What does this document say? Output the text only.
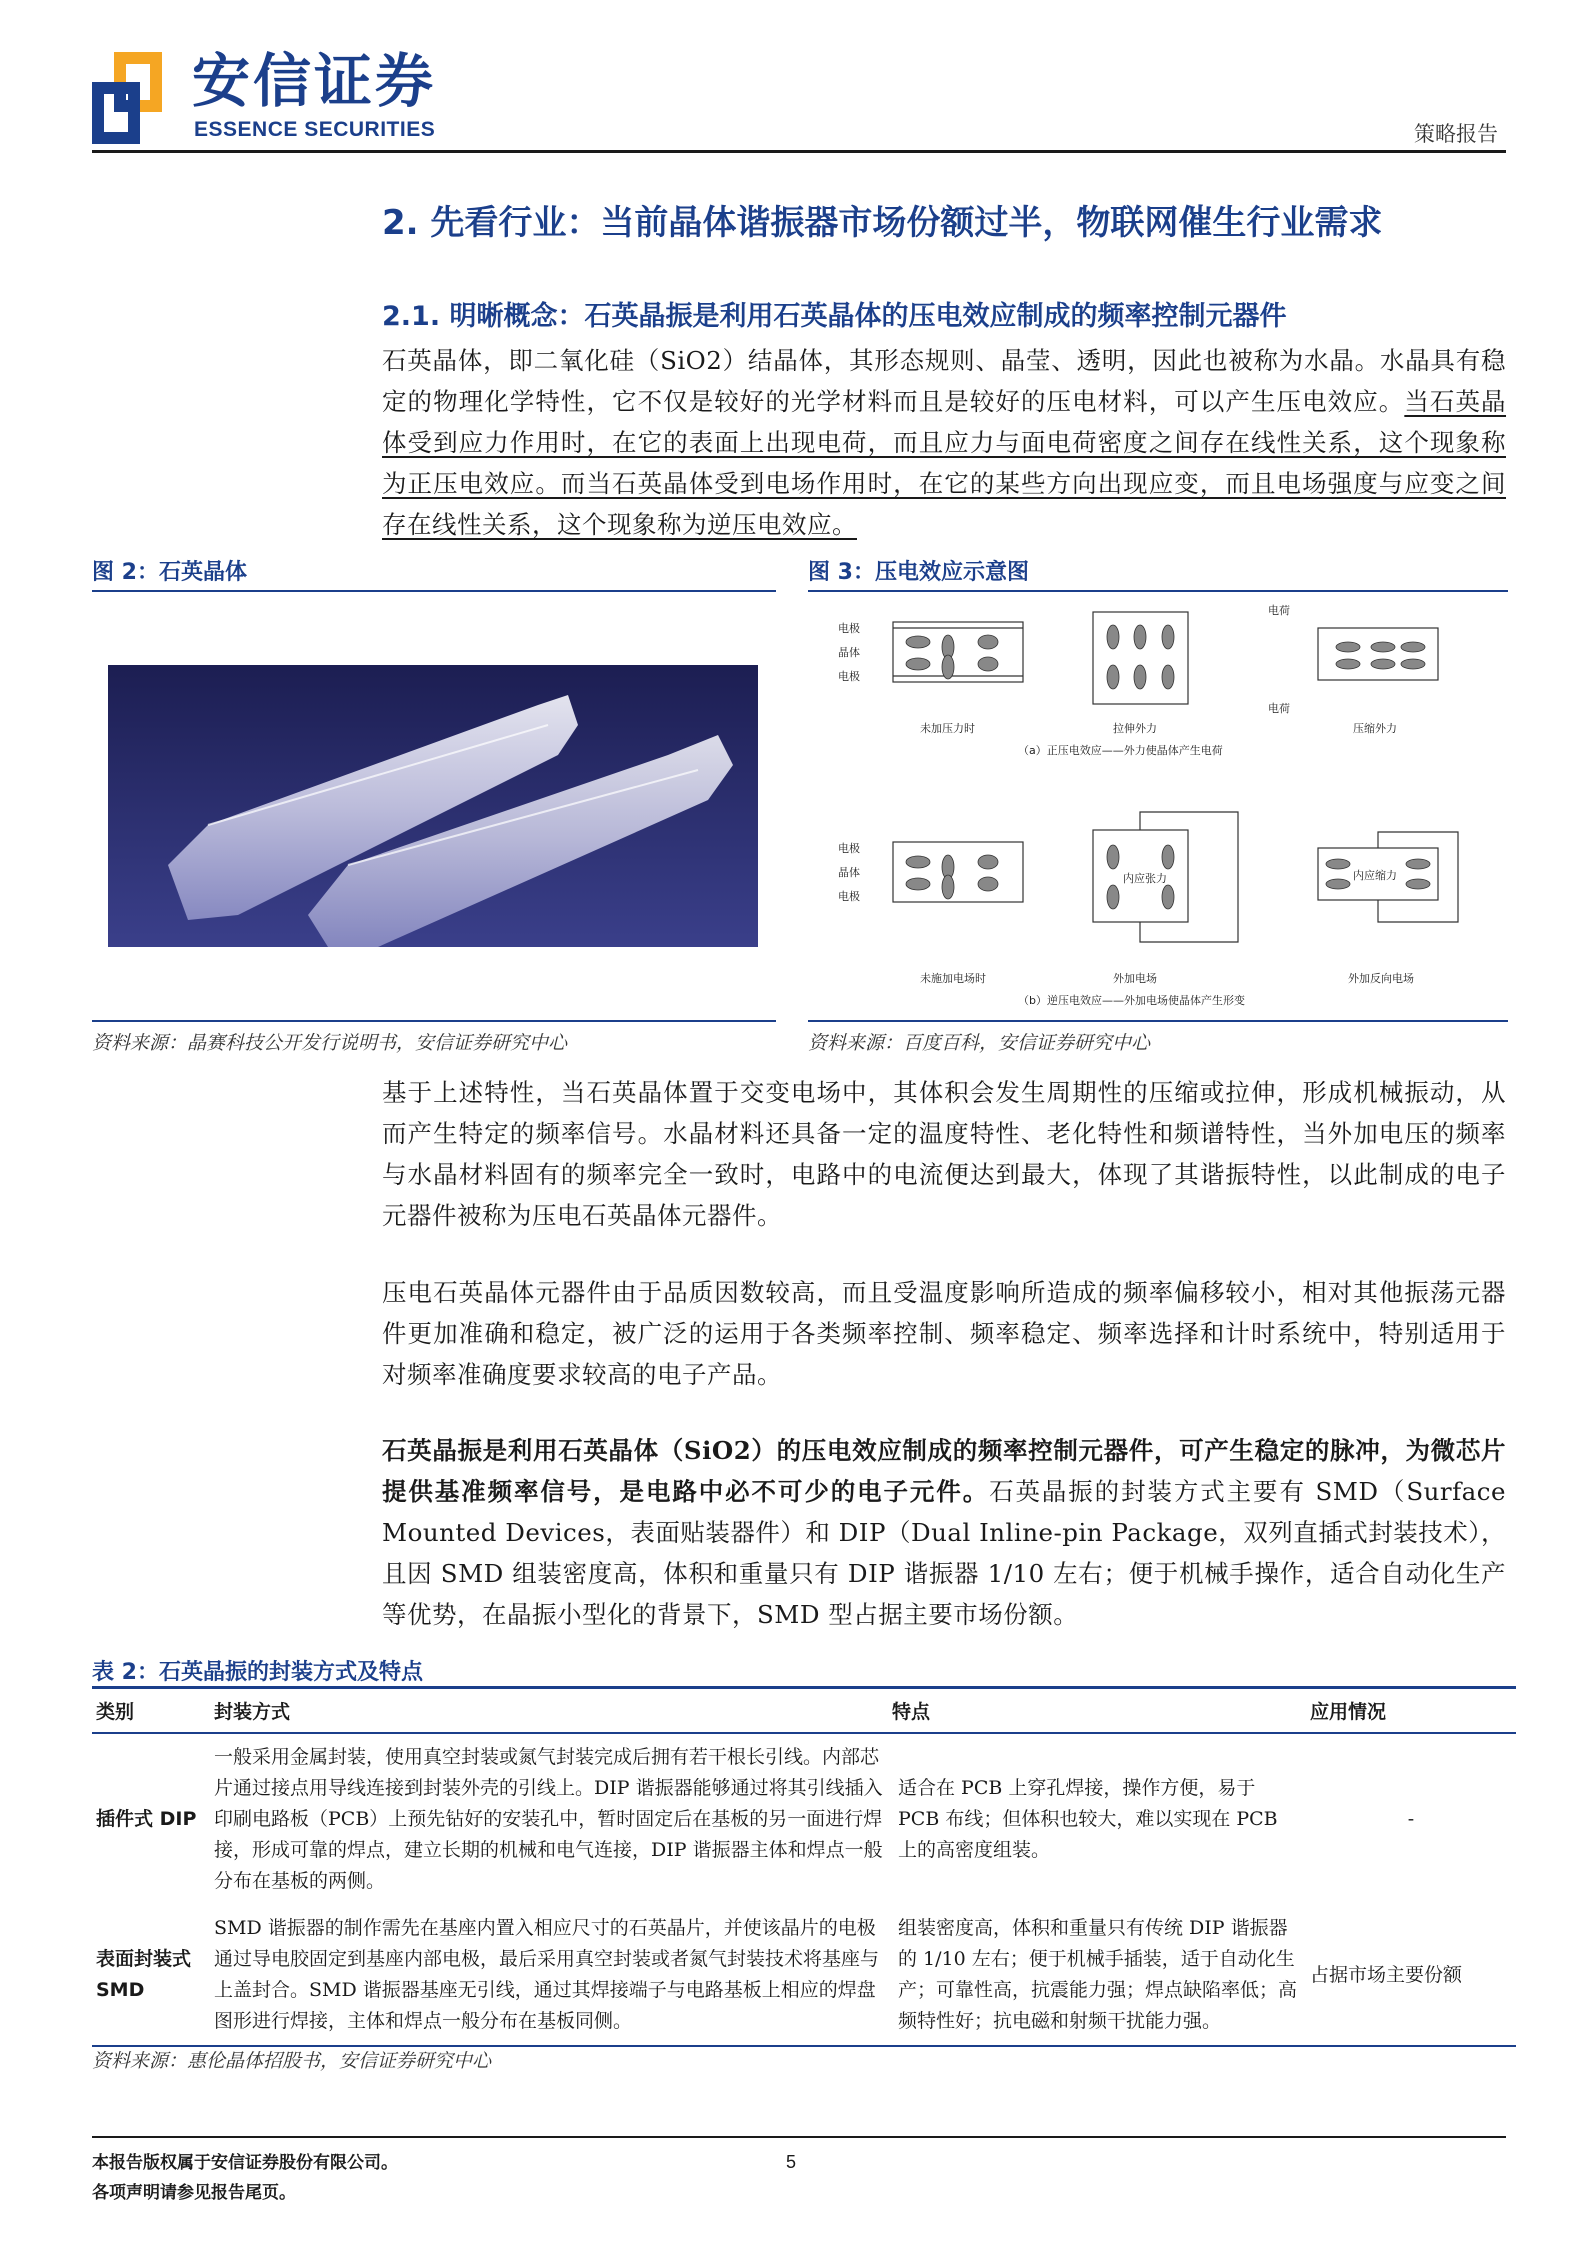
安信证券
ESSENCE SECURITIES	策略报告
2. 先看行业：当前晶体谐振器市场份额过半，物联网催生行业需求
2.1. 明晰概念：石英晶振是利用石英晶体的压电效应制成的频率控制元器件
石英晶体，即二氧化硅（SiO2）结晶体，其形态规则、晶莹、透明，因此也被称为水晶。水晶具有稳定的物理化学特性，它不仅是较好的光学材料而且是较好的压电材料，可以产生压电效应。当石英晶体受到应力作用时，在它的表面上出现电荷，而且应力与面电荷密度之间存在线性关系，这个现象称为正压电效应。而当石英晶体受到电场作用时，在它的某些方向出现应变，而且电场强度与应变之间存在线性关系，这个现象称为逆压电效应。
图 2：石英晶体
资料来源：晶赛科技公开发行说明书，安信证券研究中心
图 3：压电效应示意图
电极
晶体
电极
电荷
电荷
未加压力时	拉伸外力	压缩外力
（a）正压电效应——外力使晶体产生电荷
电极
晶体
电极
内应张力	内应缩力
未施加电场时	外加电场	外加反向电场
（b）逆压电效应——外加电场使晶体产生形变
资料来源：百度百科，安信证券研究中心
基于上述特性，当石英晶体置于交变电场中，其体积会发生周期性的压缩或拉伸，形成机械振动，从而产生特定的频率信号。水晶材料还具备一定的温度特性、老化特性和频谱特性，当外加电压的频率与水晶材料固有的频率完全一致时，电路中的电流便达到最大，体现了其谐振特性，以此制成的电子元器件被称为压电石英晶体元器件。
压电石英晶体元器件由于品质因数较高，而且受温度影响所造成的频率偏移较小，相对其他振荡元器件更加准确和稳定，被广泛的运用于各类频率控制、频率稳定、频率选择和计时系统中，特别适用于对频率准确度要求较高的电子产品。
石英晶振是利用石英晶体（SiO2）的压电效应制成的频率控制元器件，可产生稳定的脉冲，为微芯片提供基准频率信号，是电路中必不可少的电子元件。石英晶振的封装方式主要有 SMD（Surface Mounted Devices，表面贴装器件）和 DIP（Dual Inline-pin Package，双列直插式封装技术），且因 SMD 组装密度高，体积和重量只有 DIP 谐振器 1/10 左右；便于机械手操作，适合自动化生产等优势，在晶振小型化的背景下，SMD 型占据主要市场份额。
表 2：石英晶振的封装方式及特点
类别	封装方式	特点	应用情况
插件式 DIP	一般采用金属封装，使用真空封装或氮气封装完成后拥有若干根长引线。内部芯片通过接点用导线连接到封装外壳的引线上。DIP 谐振器能够通过将其引线插入印刷电路板（PCB）上预先钻好的安装孔中，暂时固定后在基板的另一面进行焊接，形成可靠的焊点，建立长期的机械和电气连接，DIP 谐振器主体和焊点一般分布在基板的两侧。	适合在 PCB 上穿孔焊接，操作方便，易于 PCB 布线；但体积也较大，难以实现在 PCB 上的高密度组装。	-
表面封装式 SMD	SMD 谐振器的制作需先在基座内置入相应尺寸的石英晶片，并使该晶片的电极通过导电胶固定到基座内部电极，最后采用真空封装或者氮气封装技术将基座与上盖封合。SMD 谐振器基座无引线，通过其焊接端子与电路基板上相应的焊盘图形进行焊接，主体和焊点一般分布在基板同侧。	组装密度高，体积和重量只有传统 DIP 谐振器的 1/10 左右；便于机械手插装，适于自动化生产；可靠性高，抗震能力强；焊点缺陷率低；高频特性好；抗电磁和射频干扰能力强。	占据市场主要份额
资料来源：惠伦晶体招股书，安信证券研究中心
本报告版权属于安信证券股份有限公司。
各项声明请参见报告尾页。
5
